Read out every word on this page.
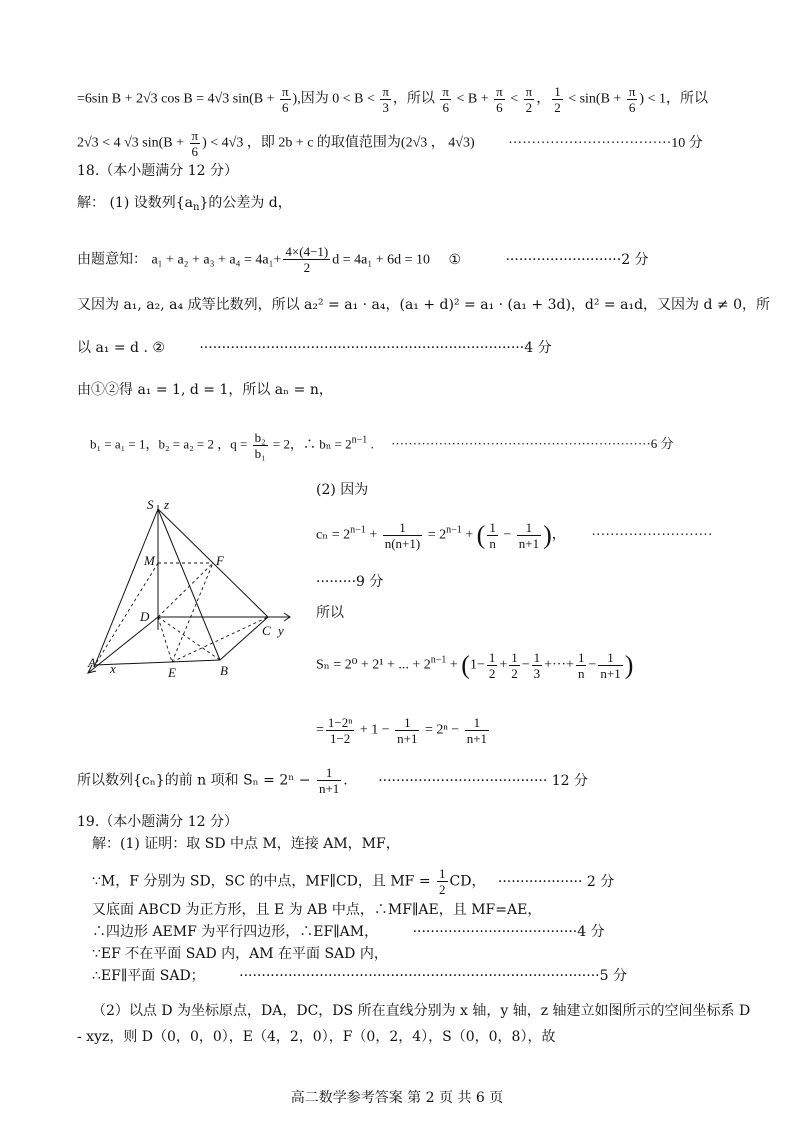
=6sin B + 2√3 cos B = 4√3 $\sin(B + \frac{\pi}{6}$ ),因为 $0 < B < \frac{\pi}{3}$ ，所以 $\frac{\pi}{6} < B + \frac{\pi}{6} < \frac{\pi}{2}$ ， $\frac{1}{2} < \sin(B + \frac{\pi}{6}$ ) < 1，所以
2√3 < 4 √3 $\sin(B + \frac{\pi}{6}$ ) < 4√3 ，即 2b + c 的取值范围为(2√3 ， 4√3) ···································10 分
18.（本小题满分 12 分）
解： (1) 设数列$\{a_n\}$的公差为 d，
由题意知： $a_1 + a_2 + a_3 + a_4 = 4a_1+ \frac{4\times(4-1)}{2}$ d = 4a₁ + 6d = 10 ①	··························2 分
又因为 a₁, a₂, a₄ 成等比数列，所以 a₂² = a₁ · a₄，(a₁ + d)² = a₁ · (a₁ + 3d)，d² = a₁d，又因为 d ≠ 0，所
以 a₁ = d . ② ·········································································4 分
由①②得 a₁ = 1, d = 1，所以 aₙ = n，
b₁ = a₁ = 1，b₂ = a₂ = 2 ，$q = \frac{\text{b₂}}{\text{b₁}} = 2$，∴ $b_n = 2^{n-1}$ . ····························································6 分
S z
M	F
D
C y
A x	E	B
(2) 因为
$c_n = 2^{n-1} + \frac{1}{n(n+1)} = 2^{n-1}$ + ( $\frac{1}{n} - \frac{1}{n+1}$ )， ··························
·········9 分
所以
Sₙ = 2⁰ + 2¹ + ... + $2^{n-1} + (1- \frac{1}{2} + \frac{1}{2} - \frac{1}{3}$ +···+ $\frac{1}{n} - \frac{1}{n+1}$ )
= $\frac{\text{1−2ⁿ}}{1-2} + 1 - \frac{1}{n+1} = 2^n - \frac{1}{n+1}$
所以数列{cₙ}的前 n 项和 $S_n = 2^n - \frac{1}{n+1}$ . ······································ 12 分
19.（本小题满分 12 分）
解：(1) 证明：取 SD 中点 M，连接 AM，MF，
∵M，F 分别为 SD，SC 的中点，MF∥CD，且 MF = $\frac{1}{2}$ CD， ··················· 2 分
又底面 ABCD 为正方形，且 E 为 AB 中点，∴MF∥AE，且 MF=AE，
∴四边形 AEMF 为平行四边形，∴EF∥AM， ·····································4 分
∵EF 不在平面 SAD 内，AM 在平面 SAD 内，
∴EF∥平面 SAD； ·················································································5 分
（2）以点 D 为坐标原点，DA，DC，DS 所在直线分别为 x 轴，y 轴，z 轴建立如图所示的空间坐标系 D
- xyz，则 D（0，0，0），E（4，2，0），F（0，2，4），S（0，0，8），故
高二数学参考答案 第 2 页 共 6 页
